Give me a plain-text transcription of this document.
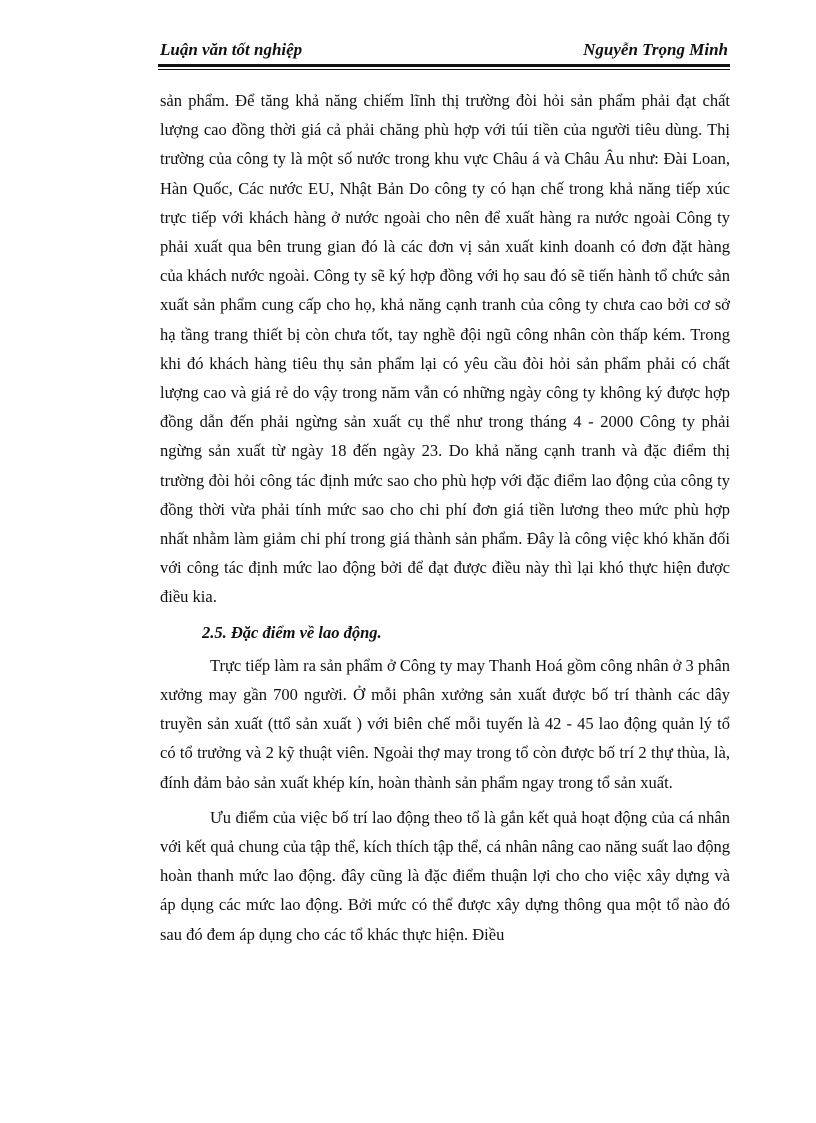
Luận văn tốt nghiệp	Nguyễn Trọng Minh

sản phẩm. Để tăng khả năng chiếm lĩnh thị trường đòi hỏi sản phẩm phải đạt chất lượng cao đồng thời giá cả phải chăng phù hợp với túi tiền của người tiêu dùng. Thị trường của công ty là một số nước trong khu vực Châu á và Châu Âu như: Đài Loan, Hàn Quốc, Các nước EU, Nhật Bản Do công ty có hạn chế trong khả năng tiếp xúc trực tiếp với khách hàng ở nước ngoài cho nên để xuất hàng ra nước ngoài Công ty phải xuất qua bên trung gian đó là các đơn vị sản xuất kinh doanh có đơn đặt hàng của khách nước ngoài. Công ty sẽ ký hợp đồng với họ sau đó sẽ tiến hành tổ chức sản xuất sản phẩm cung cấp cho họ, khả năng cạnh tranh của công ty chưa cao bởi cơ sở hạ tầng trang thiết bị còn chưa tốt, tay nghề đội ngũ công nhân còn thấp kém. Trong khi đó khách hàng tiêu thụ sản phẩm lại có yêu cầu đòi hỏi sản phẩm phải có chất lượng cao và giá rẻ do vậy trong năm vẫn có những ngày công ty không ký được hợp đồng dẫn đến phải ngừng sản xuất cụ thể như trong tháng 4 - 2000 Công ty phải ngừng sản xuất từ ngày 18 đến ngày 23. Do khả năng cạnh tranh và đặc điểm thị trường đòi hỏi công tác định mức sao cho phù hợp với đặc điểm lao động của công ty đồng thời vừa phải tính mức sao cho chi phí đơn giá tiền lương theo mức phù hợp nhất nhằm làm giảm chi phí trong giá thành sản phẩm. Đây là công việc khó khăn đối với công tác định mức lao động bởi để đạt được điều này thì lại khó thực hiện được điều kia.

2.5. Đặc điểm về lao động.

Trực tiếp làm ra sản phẩm ở Công ty may Thanh Hoá gồm công nhân ở 3 phân xưởng may gần 700 người. Ở mỗi phân xưởng sản xuất được bố trí thành các dây truyền sản xuất (ttổ sản xuất ) với biên chế mỗi tuyến là 42 - 45 lao động quản lý tổ có tổ trưởng và 2 kỹ thuật viên. Ngoài thợ may trong tổ còn được bố trí 2 thự thùa, là, đính đảm bảo sản xuất khép kín, hoàn thành sản phẩm ngay trong tổ sản xuất.

Ưu điểm của việc bố trí lao động theo tổ là gắn kết quả hoạt động của cá nhân với kết quả chung của tập thể, kích thích tập thể, cá nhân nâng cao năng suất lao động hoàn thanh mức lao động. đây cũng là đặc điểm thuận lợi cho cho việc xây dựng và áp dụng các mức lao động. Bởi mức có thể được xây dựng thông qua một tổ nào đó sau đó đem áp dụng cho các tổ khác thực hiện. Điều
